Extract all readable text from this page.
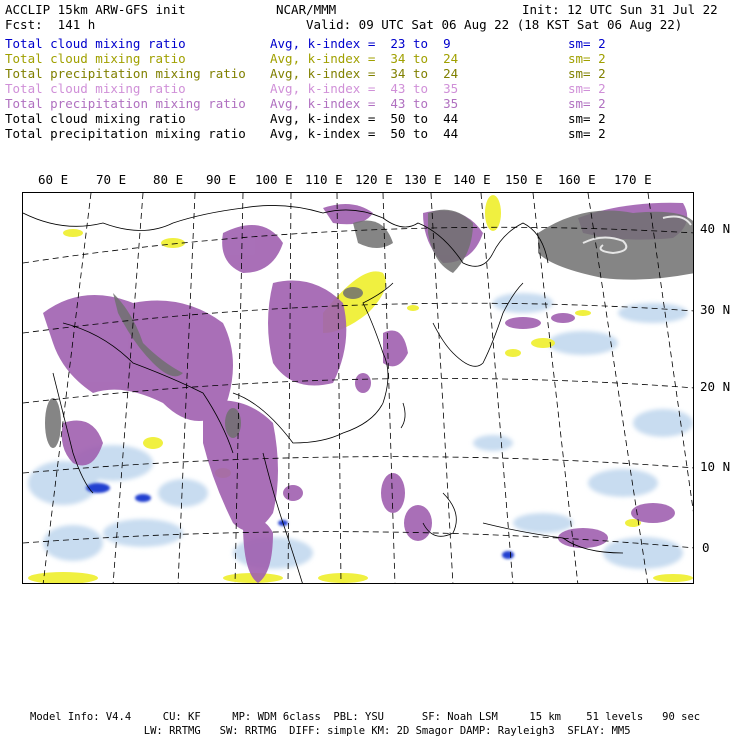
ACCLIP 15km ARW-GFS init	NCAR/MMM	Init: 12 UTC Sun 31 Jul 22
Fcst:  141 h	Valid: 09 UTC Sat 06 Aug 22 (18 KST Sat 06 Aug 22)
Total cloud mixing ratio	Avg, k-index =  23 to  9	sm= 2
Total cloud mixing ratio	Avg, k-index =  34 to  24	sm= 2
Total precipitation mixing ratio Avg, k-index =  34 to  24	sm= 2
Total cloud mixing ratio	Avg, k-index =  43 to  35	sm= 2
Total precipitation mixing ratio Avg, k-index =  43 to  35	sm= 2
Total cloud mixing ratio	Avg, k-index =  50 to  44	sm= 2
Total precipitation mixing ratio Avg, k-index =  50 to  44	sm= 2
60 E 70 E 80 E 90 E 100 E 110 E 120 E 130 E 140 E 150 E 160 E 170 E
40 N
30 N
20 N
10 N
0
Model Info: V4.4     CU: KF     MP: WDM 6class  PBL: YSU      SF: Noah LSM     15 km    51 levels   90 sec
LW: RRTMG   SW: RRTMG  DIFF: simple KM: 2D Smagor DAMP: Rayleigh3  SFLAY: MM5
